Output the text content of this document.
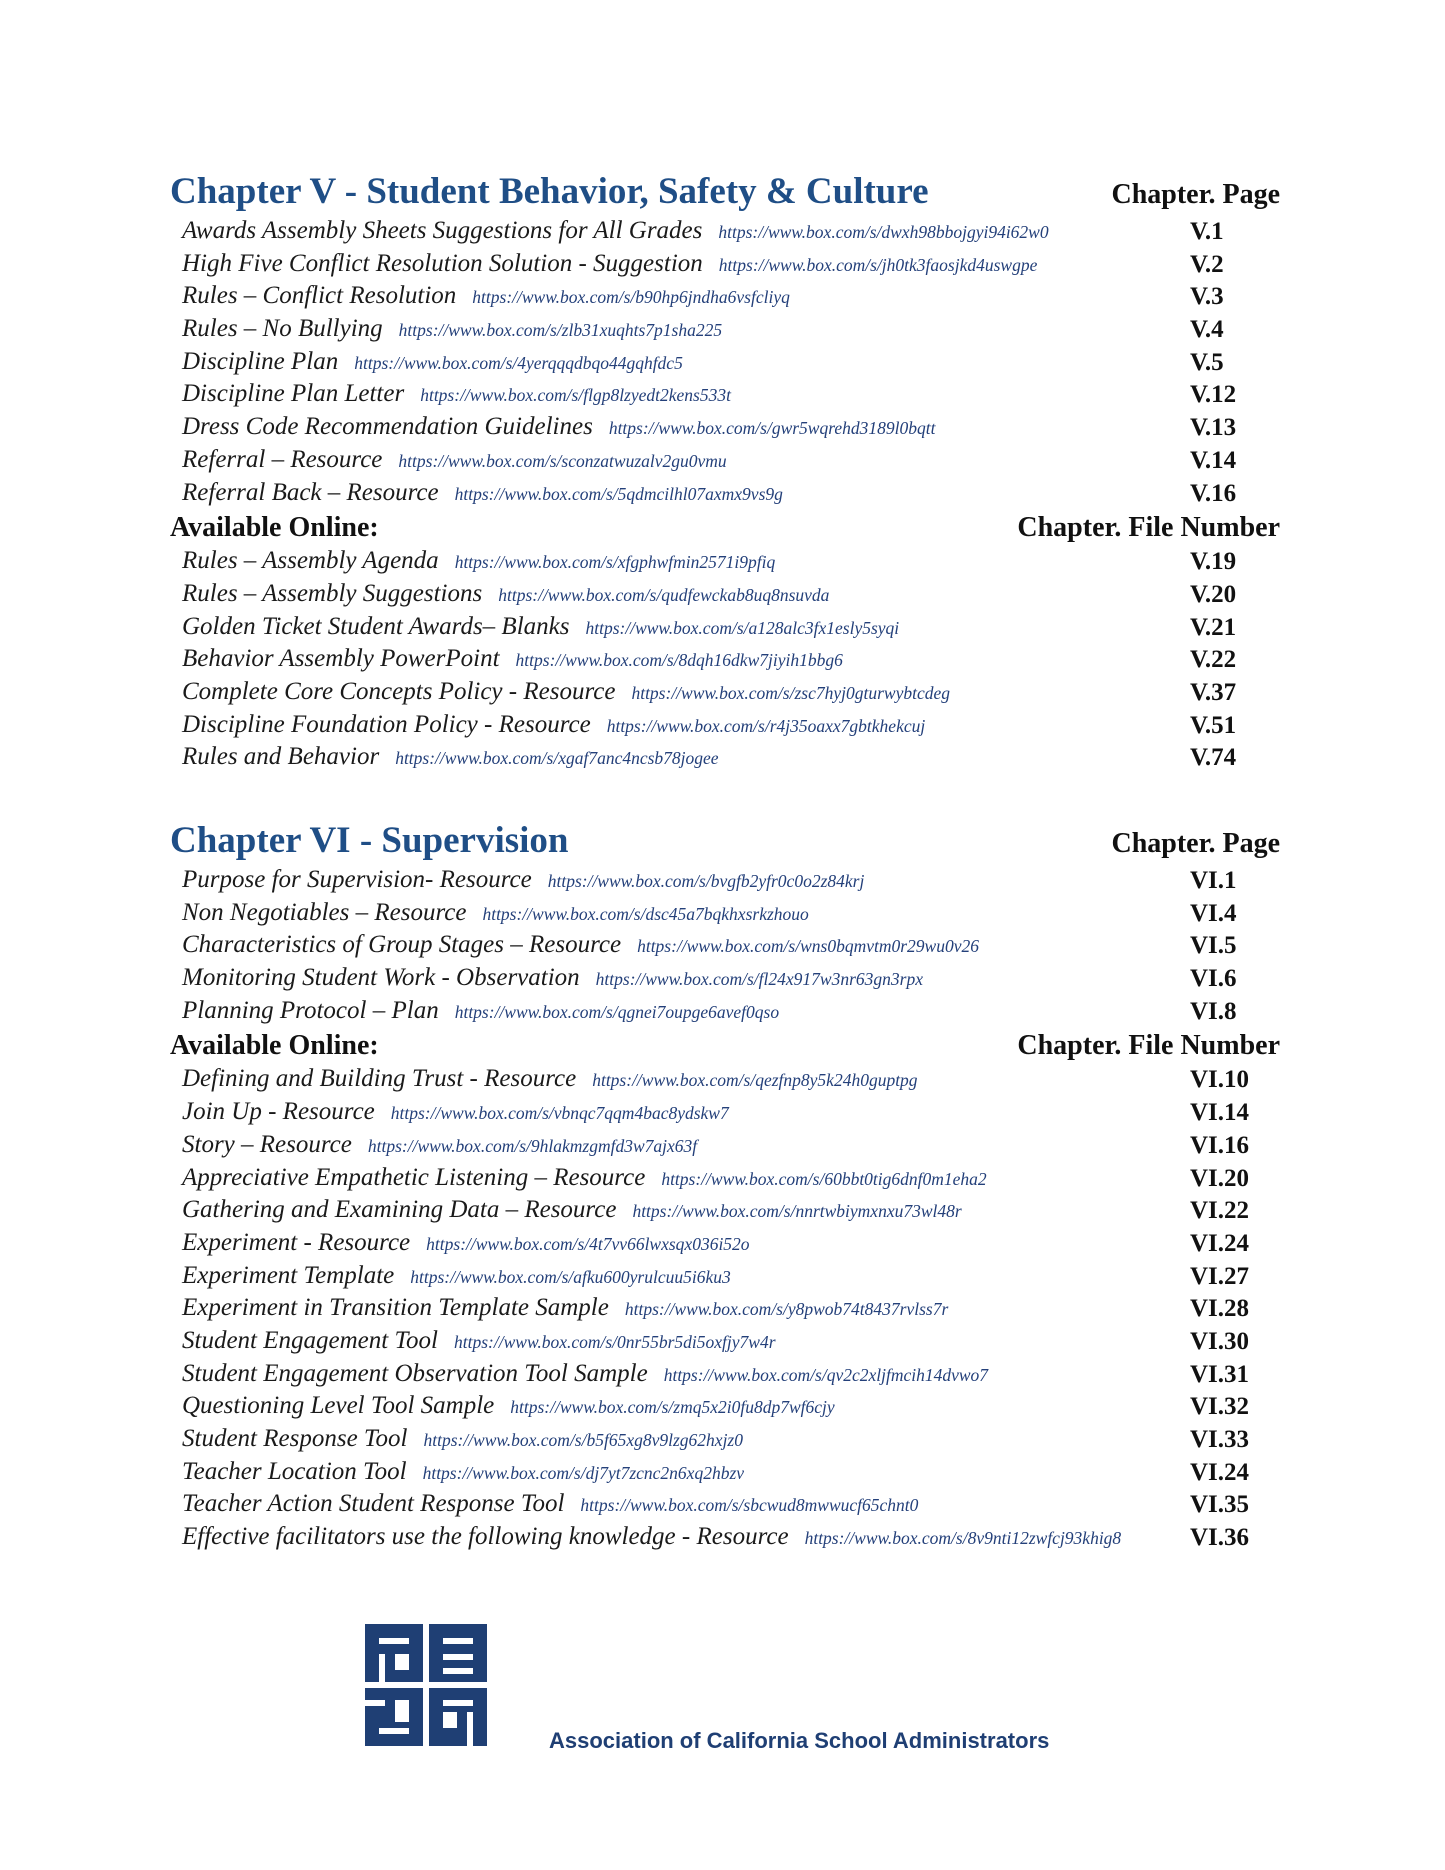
Chapter V - Student Behavior, Safety & Culture	Chapter. Page
Awards Assembly Sheets Suggestions for All Grades https://www.box.com/s/dwxh98bbojgyi94i62w0	V.1
High Five Conflict Resolution Solution - Suggestion https://www.box.com/s/jh0tk3faosjkd4uswgpe	V.2
Rules – Conflict Resolution https://www.box.com/s/b90hp6jndha6vsfcliyq	V.3
Rules – No Bullying https://www.box.com/s/zlb31xuqhts7p1sha225	V.4
Discipline Plan https://www.box.com/s/4yerqqqdbqo44gqhfdc5	V.5
Discipline Plan Letter https://www.box.com/s/flgp8lzyedt2kens533t	V.12
Dress Code Recommendation Guidelines https://www.box.com/s/gwr5wqrehd3189l0bqtt	V.13
Referral – Resource https://www.box.com/s/sconzatwuzalv2gu0vmu	V.14
Referral Back – Resource https://www.box.com/s/5qdmcilhl07axmx9vs9g	V.16
Available Online:	Chapter. File Number
Rules – Assembly Agenda https://www.box.com/s/xfgphwfmin2571i9pfiq	V.19
Rules – Assembly Suggestions https://www.box.com/s/qudfewckab8uq8nsuvda	V.20
Golden Ticket Student Awards– Blanks https://www.box.com/s/a128alc3fx1esly5syqi	V.21
Behavior Assembly PowerPoint https://www.box.com/s/8dqh16dkw7jiyih1bbg6	V.22
Complete Core Concepts Policy - Resource https://www.box.com/s/zsc7hyj0gturwybtcdeg	V.37
Discipline Foundation Policy - Resource https://www.box.com/s/r4j35oaxx7gbtkhekcuj	V.51
Rules and Behavior https://www.box.com/s/xgaf7anc4ncsb78jogee	V.74
Chapter VI - Supervision	Chapter. Page
Purpose for Supervision- Resource https://www.box.com/s/bvgfb2yfr0c0o2z84krj	VI.1
Non Negotiables – Resource https://www.box.com/s/dsc45a7bqkhxsrkzhouo	VI.4
Characteristics of Group Stages – Resource https://www.box.com/s/wns0bqmvtm0r29wu0v26	VI.5
Monitoring Student Work - Observation https://www.box.com/s/fl24x917w3nr63gn3rpx	VI.6
Planning Protocol – Plan https://www.box.com/s/qgnei7oupge6avef0qso	VI.8
Available Online:	Chapter. File Number
Defining and Building Trust - Resource https://www.box.com/s/qezfnp8y5k24h0guptpg	VI.10
Join Up - Resource https://www.box.com/s/vbnqc7qqm4bac8ydskw7	VI.14
Story – Resource https://www.box.com/s/9hlakmzgmfd3w7ajx63f	VI.16
Appreciative Empathetic Listening – Resource https://www.box.com/s/60bbt0tig6dnf0m1eha2	VI.20
Gathering and Examining Data – Resource https://www.box.com/s/nnrtwbiymxnxu73wl48r	VI.22
Experiment - Resource https://www.box.com/s/4t7vv66lwxsqx036i52o	VI.24
Experiment Template https://www.box.com/s/afku600yrulcuu5i6ku3	VI.27
Experiment in Transition Template Sample https://www.box.com/s/y8pwob74t8437rvlss7r	VI.28
Student Engagement Tool https://www.box.com/s/0nr55br5di5oxfjy7w4r	VI.30
Student Engagement Observation Tool Sample https://www.box.com/s/qv2c2xljfmcih14dvwo7	VI.31
Questioning Level Tool Sample https://www.box.com/s/zmq5x2i0fu8dp7wf6cjy	VI.32
Student Response Tool https://www.box.com/s/b5f65xg8v9lzg62hxjz0	VI.33
Teacher Location Tool https://www.box.com/s/dj7yt7zcnc2n6xq2hbzv	VI.24
Teacher Action Student Response Tool https://www.box.com/s/sbcwud8mwwucf65chnt0	VI.35
Effective facilitators use the following knowledge - Resource https://www.box.com/s/8v9nti12zwfcj93khig8	VI.36
Association of California School Administrators
